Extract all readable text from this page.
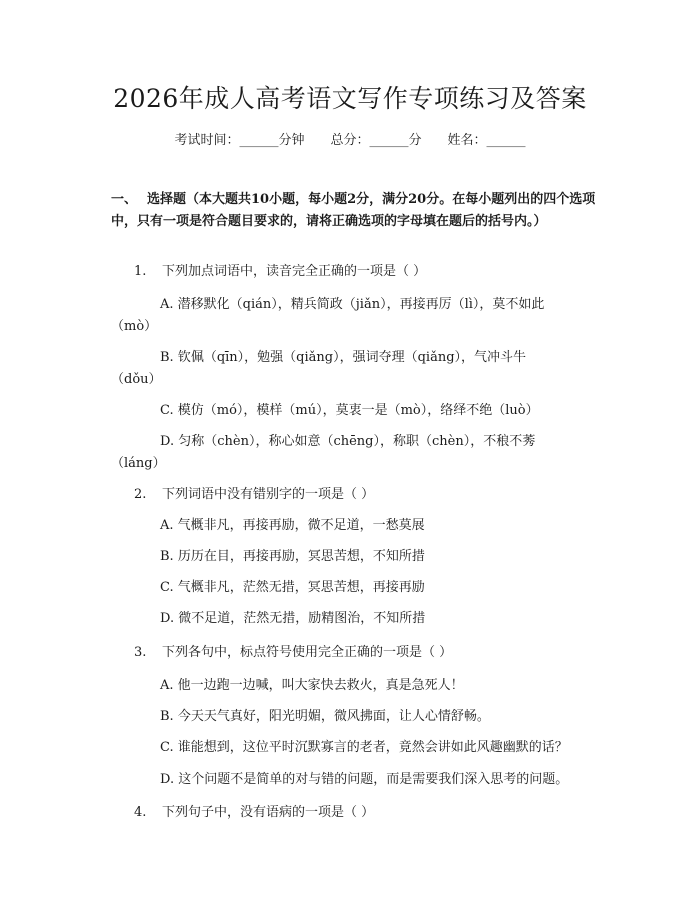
2026年成人高考语文写作专项练习及答案
考试时间：______分钟 总分：______分 姓名：______
一、 选择题（本大题共10小题，每小题2分，满分20分。在每小题列出的四个选项中，只有一项是符合题目要求的，请将正确选项的字母填在题后的括号内。）
1. 下列加点词语中，读音完全正确的一项是（ ）
A. 潜移默化（qián），精兵简政（jiǎn），再接再厉（lì），莫不如此
（mò）
B. 钦佩（qīn），勉强（qiǎng），强词夺理（qiǎng），气冲斗牛
（dǒu）
C. 模仿（mó），模样（mú），莫衷一是（mò），络绎不绝（luò）
D. 匀称（chèn），称心如意（chēng），称职（chèn），不稂不莠
（láng）
2. 下列词语中没有错别字的一项是（ ）
A. 气概非凡，再接再励，微不足道，一愁莫展
B. 历历在目，再接再励，冥思苦想，不知所措
C. 气概非凡，茫然无措，冥思苦想，再接再励
D. 微不足道，茫然无措，励精图治，不知所措
3. 下列各句中，标点符号使用完全正确的一项是（ ）
A. 他一边跑一边喊，叫大家快去救火，真是急死人！
B. 今天天气真好，阳光明媚，微风拂面，让人心情舒畅。
C. 谁能想到，这位平时沉默寡言的老者，竟然会讲如此风趣幽默的话？
D. 这个问题不是简单的对与错的问题，而是需要我们深入思考的问题。
4. 下列句子中，没有语病的一项是（ ）
